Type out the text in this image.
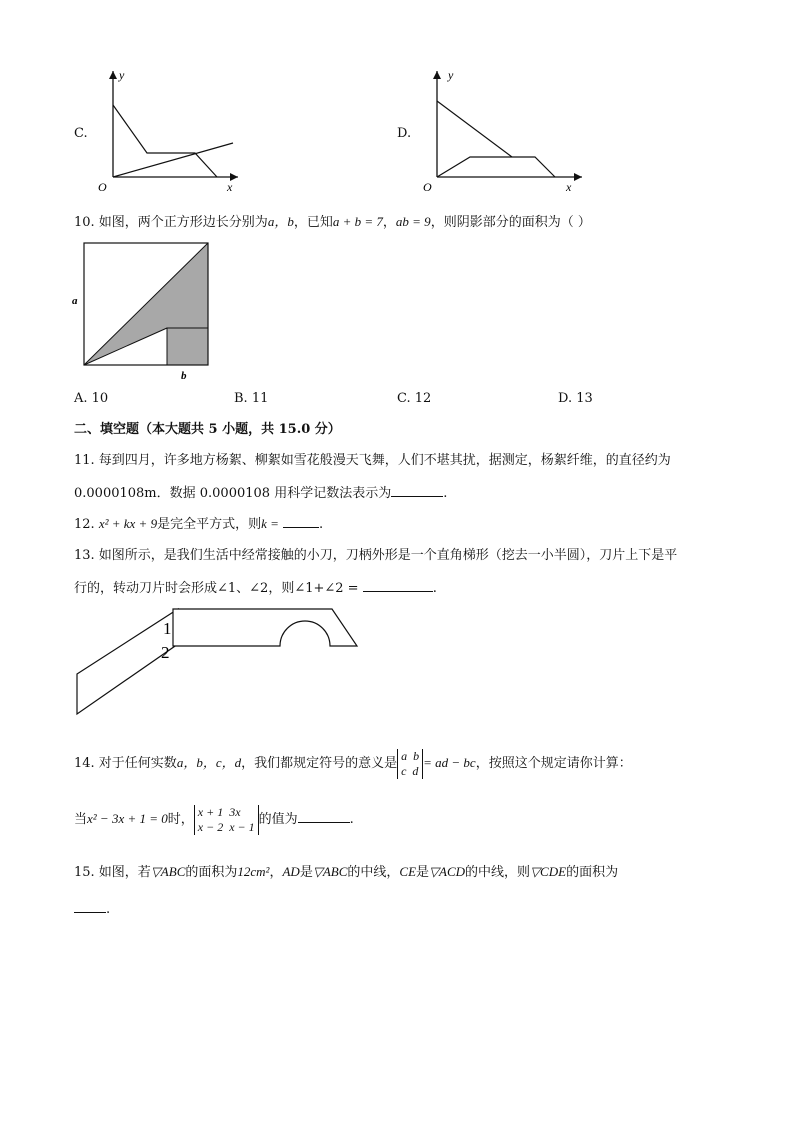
C.
y
x
O
D.
y
x
O
10. 如图，两个正方形边长分别为a，b，已知a + b = 7，ab = 9，则阴影部分的面积为（ ）
a
b
A. 10	B. 11	C. 12	D. 13
二、填空题（本大题共 5 小题，共 15.0 分）
11. 每到四月，许多地方杨絮、柳絮如雪花般漫天飞舞，人们不堪其扰，据测定，杨絮纤维，的直径约为
0.0000108m．数据 0.0000108 用科学记数法表示为	.
12. x² + kx + 9是完全平方式，则k =	.
13. 如图所示，是我们生活中经常接触的小刀，刀柄外形是一个直角梯形（挖去一小半圆），刀片上下是平
行的，转动刀片时会形成∠1、∠2，则∠1+∠2 =	.
1
2
14. 对于任何实数a，b，c，d，我们都规定符号的意义是
a  b
c  d
= ad − bc，按照这个规定请你计算：
当x² − 3x + 1 = 0时，
x + 1  3x
x − 2  x − 1 的值为	.
15. 如图，若▽ABC的面积为12cm²，AD是▽ABC的中线，CE是▽ACD的中线，则▽CDE的面积为
.
